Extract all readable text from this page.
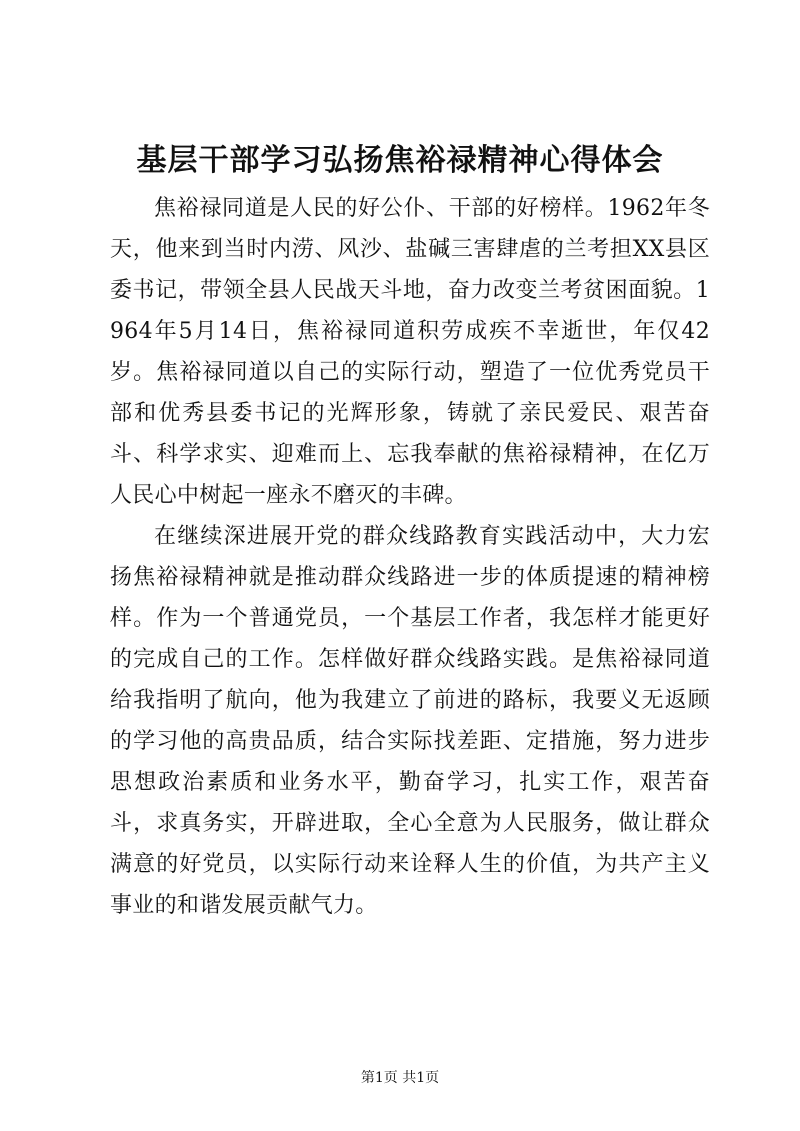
基层干部学习弘扬焦裕禄精神心得体会

焦裕禄同道是人民的好公仆、干部的好榜样。1962年冬天，他来到当时内涝、风沙、盐碱三害肆虐的兰考担XX县区委书记，带领全县人民战天斗地，奋力改变兰考贫困面貌。1964年5月14日，焦裕禄同道积劳成疾不幸逝世，年仅42岁。焦裕禄同道以自己的实际行动，塑造了一位优秀党员干部和优秀县委书记的光辉形象，铸就了亲民爱民、艰苦奋斗、科学求实、迎难而上、忘我奉献的焦裕禄精神，在亿万人民心中树起一座永不磨灭的丰碑。

在继续深进展开党的群众线路教育实践活动中，大力宏扬焦裕禄精神就是推动群众线路进一步的体质提速的精神榜样。作为一个普通党员，一个基层工作者，我怎样才能更好的完成自己的工作。怎样做好群众线路实践。是焦裕禄同道给我指明了航向，他为我建立了前进的路标，我要义无返顾的学习他的高贵品质，结合实际找差距、定措施，努力进步思想政治素质和业务水平，勤奋学习，扎实工作，艰苦奋斗，求真务实，开辟进取，全心全意为人民服务，做让群众满意的好党员，以实际行动来诠释人生的价值，为共产主义事业的和谐发展贡献气力。

第1页 共1页
